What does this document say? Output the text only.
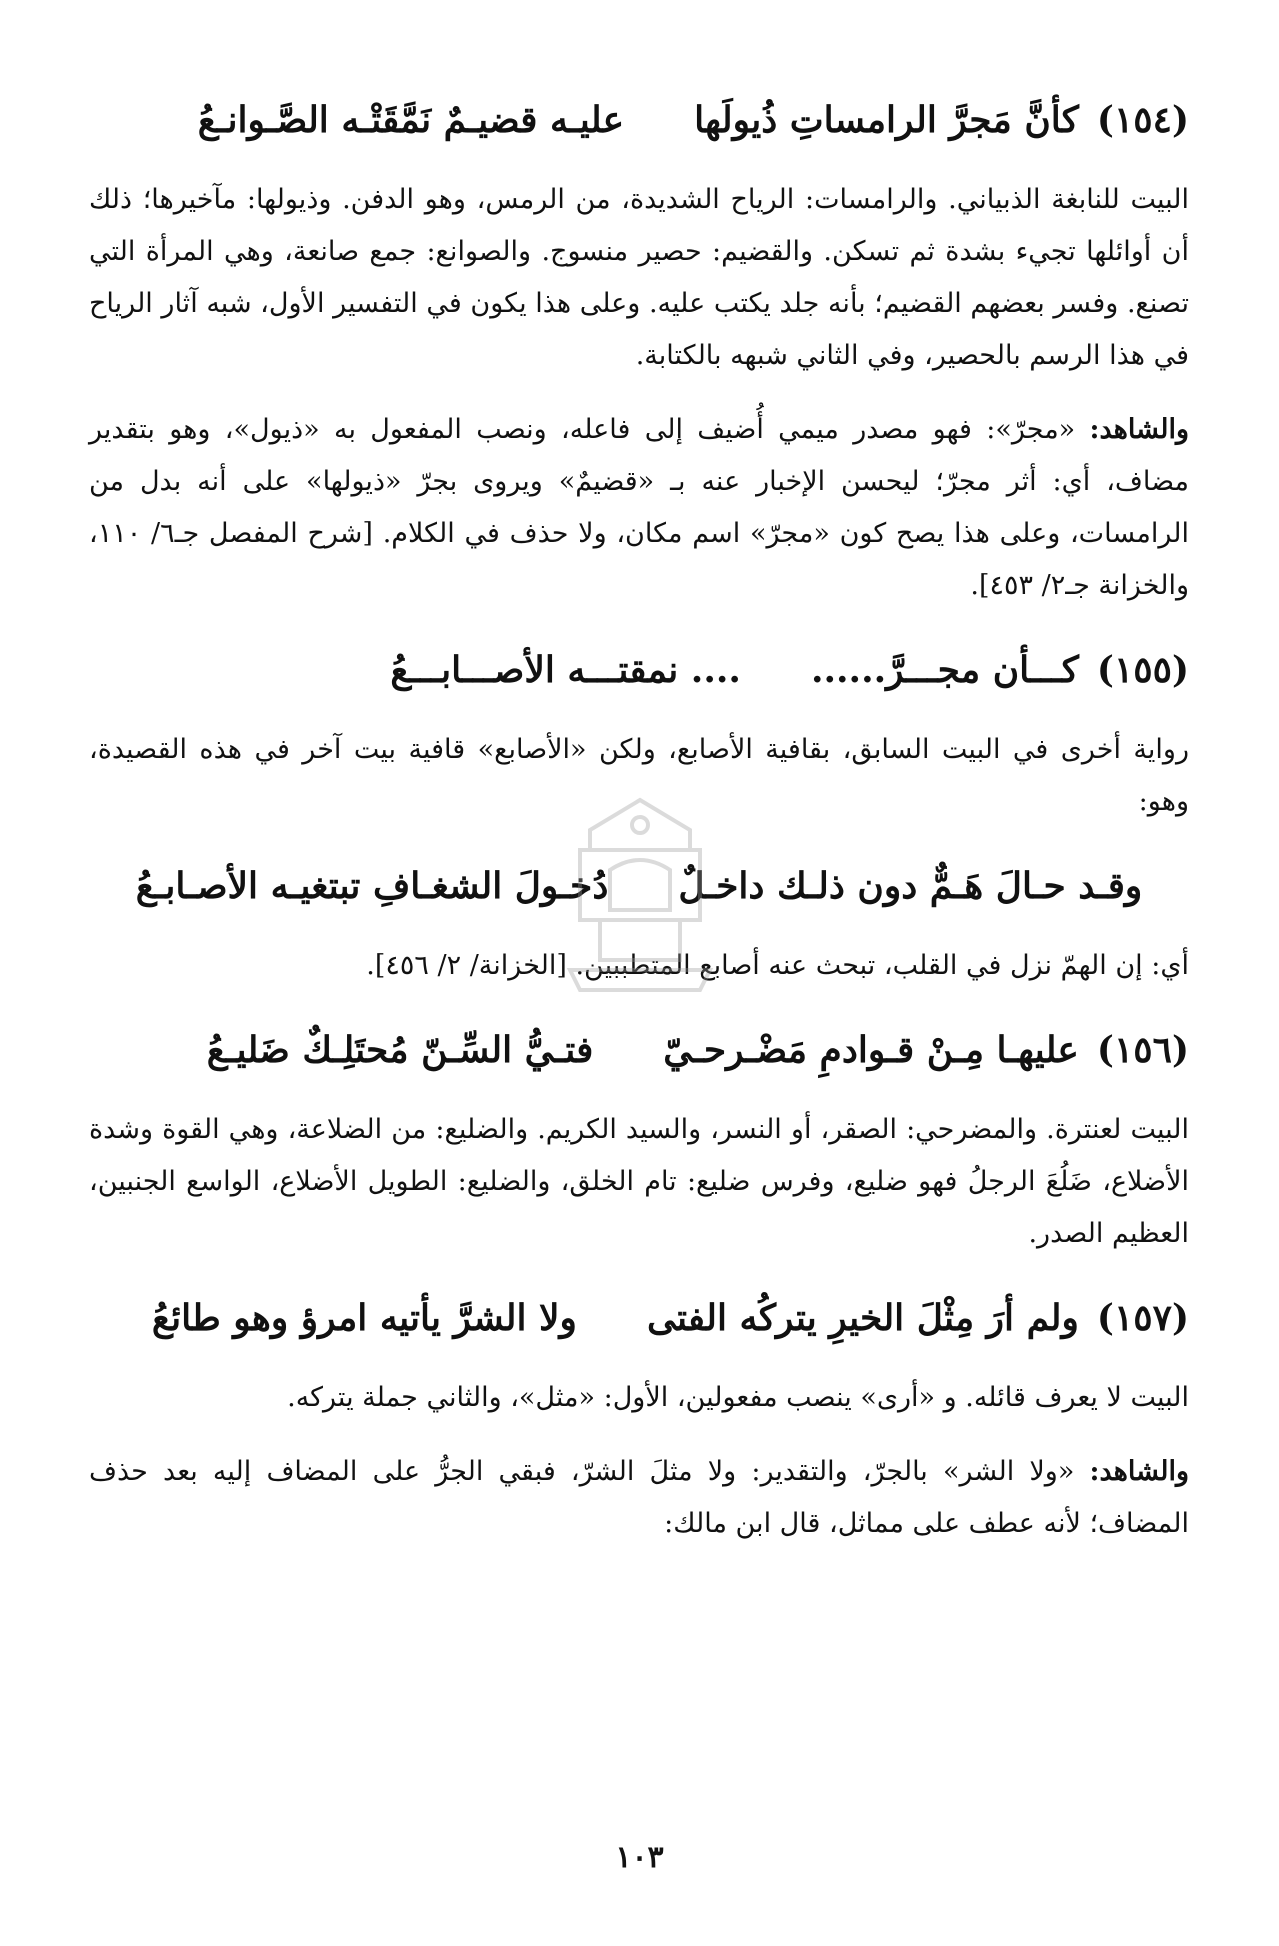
(١٥٤)
كأنَّ مَجرَّ الرامساتِ ذُيولَها
عليـه قضيـمٌ نَمَّقَتْـه الصَّـوانـعُ

البيت للنابغة الذبياني. والرامسات: الرياح الشديدة، من الرمس، وهو الدفن. وذيولها: مآخيرها؛ ذلك أن أوائلها تجيء بشدة ثم تسكن. والقضيم: حصير منسوج. والصوانع: جمع صانعة، وهي المرأة التي تصنع. وفسر بعضهم القضيم؛ بأنه جلد يكتب عليه. وعلى هذا يكون في التفسير الأول، شبه آثار الرياح في هذا الرسم بالحصير، وفي الثاني شبهه بالكتابة.

والشاهد: «مجرّ»: فهو مصدر ميمي أُضيف إلى فاعله، ونصب المفعول به «ذيول»، وهو بتقدير مضاف، أي: أثر مجرّ؛ ليحسن الإخبار عنه بـ «قضيمٌ» ويروى بجرّ «ذيولها» على أنه بدل من الرامسات، وعلى هذا يصح كون «مجرّ» اسم مكان، ولا حذف في الكلام. [شرح المفصل جـ٦/ ١١٠، والخزانة جـ٢/ ٤٥٣].

(١٥٥)
كـــأن مجـــرَّ......
.... نمقتـــه الأصـــابـــعُ

رواية أخرى في البيت السابق، بقافية الأصابع، ولكن «الأصابع» قافية بيت آخر في هذه القصيدة، وهو:

وقـد حـالَ هَـمٌّ دون ذلـك داخـلٌ
دُخـولَ الشغـافِ تبتغيـه الأصـابـعُ

أي: إن الهمّ نزل في القلب، تبحث عنه أصابع المتطببين. [الخزانة/ ٢/ ٤٥٦].

(١٥٦)
عليهـا مِـنْ قـوادمِ مَضْـرحـيّ
فتـيُّ السِّـنّ مُحتَلِـكٌ ضَليـعُ

البيت لعنترة. والمضرحي: الصقر، أو النسر، والسيد الكريم. والضليع: من الضلاعة، وهي القوة وشدة الأضلاع، ضَلُعَ الرجلُ فهو ضليع، وفرس ضليع: تام الخلق، والضليع: الطويل الأضلاع، الواسع الجنبين، العظيم الصدر.

(١٥٧)
ولم أرَ مِثْلَ الخيرِ يتركُه الفتى
ولا الشرَّ يأتيه امرؤ وهو طائعُ

البيت لا يعرف قائله. و «أرى» ينصب مفعولين، الأول: «مثل»، والثاني جملة يتركه.

والشاهد: «ولا الشر» بالجرّ، والتقدير: ولا مثلَ الشرّ، فبقي الجرُّ على المضاف إليه بعد حذف المضاف؛ لأنه عطف على مماثل، قال ابن مالك:

١٠٣
